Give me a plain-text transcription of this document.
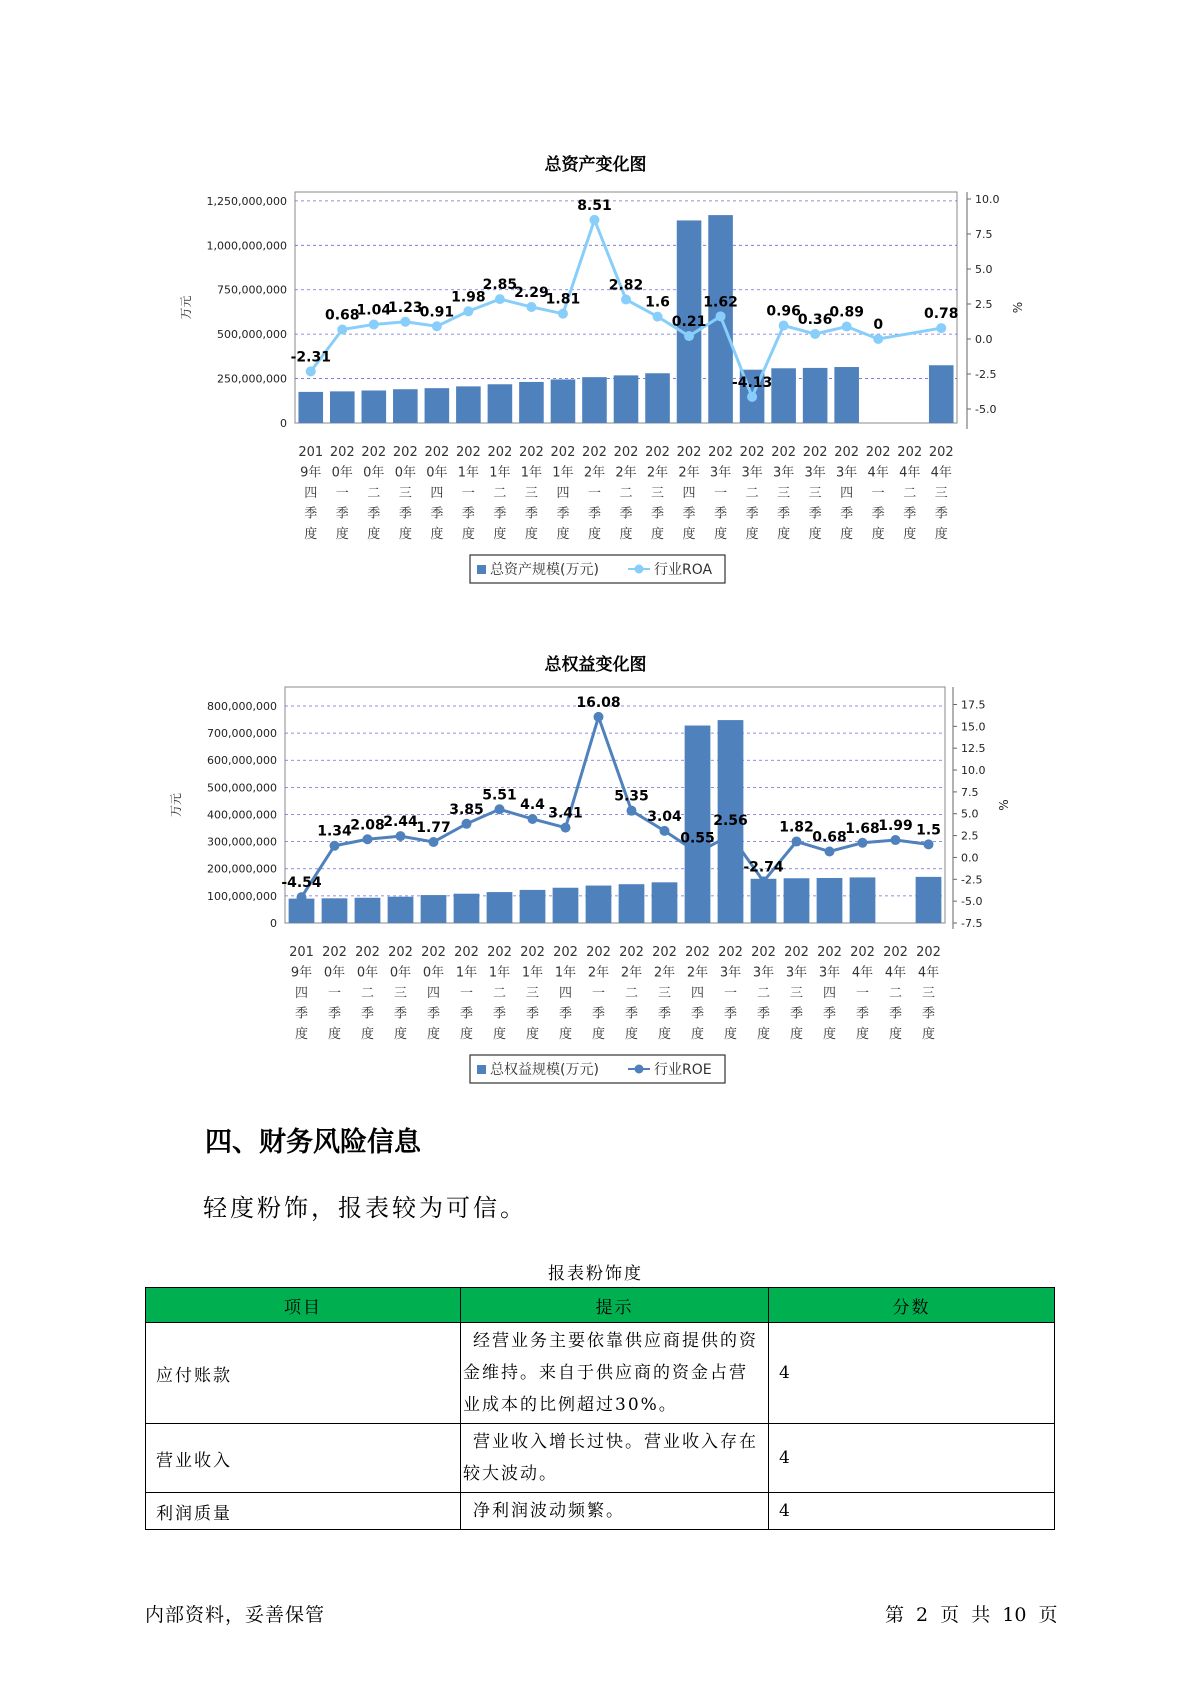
总资产变化图
0
250,000,000
500,000,000
750,000,000
1,000,000,000
1,250,000,000
-5.0
-2.5
0.0
2.5
5.0
7.5
10.0
万元	%
-2.31
0.68
1.04
1.23
0.91
1.98
2.85
2.29
1.81
8.51
2.82
1.6
0.21
1.62
-4.13
0.96
0.36
0.89
0
0.78
201
9年
四
季
度
202
0年
一
季
度
202
0年
二
季
度
202
0年
三
季
度
202
0年
四
季
度
202
1年
一
季
度
202
1年
二
季
度
202
1年
三
季
度
202
1年
四
季
度
202
2年
一
季
度
202
2年
二
季
度
202
2年
三
季
度
202
2年
四
季
度
202
3年
一
季
度
202
3年
二
季
度
202
3年
三
季
度
202
3年
三
季
度
202
3年
四
季
度
202
4年
一
季
度
202
4年
二
季
度
202
4年
三
季
度
总资产规模(万元)	行业ROA
总权益变化图
0
100,000,000
200,000,000
300,000,000
400,000,000
500,000,000
600,000,000
700,000,000
800,000,000
-7.5
-5.0
-2.5
0.0
2.5
5.0
7.5
10.0
12.5
15.0
17.5
万元	%
-4.54
1.34
2.08
2.44
1.77
3.85
5.51
4.4
3.41
16.08
5.35
3.04
0.55
2.56
-2.74
1.82
0.68
1.68
1.99 1.5
201
9年
四
季
度
202
0年
一
季
度
202
0年
二
季
度
202
0年
三
季
度
202
0年
四
季
度
202
1年
一
季
度
202
1年
二
季
度
202
1年
三
季
度
202
1年
四
季
度
202
2年
一
季
度
202
2年
二
季
度
202
2年
三
季
度
202
2年
四
季
度
202
3年
一
季
度
202
3年
二
季
度
202
3年
三
季
度
202
3年
四
季
度
202
4年
一
季
度
202
4年
二
季
度
202
4年
三
季
度
总权益规模(万元)	行业ROE
四、财务风险信息
轻度粉饰，报表较为可信。
报表粉饰度
项目	提示	分数
应付账款	经营业务主要依靠供应商提供的资金维持。来自于供应商的资金占营业成本的比例超过30%。	4
营业收入	营业收入增长过快。营业收入存在较大波动。	4
利润质量	净利润波动频繁。	4
内部资料，妥善保管	第 2 页 共 10 页
